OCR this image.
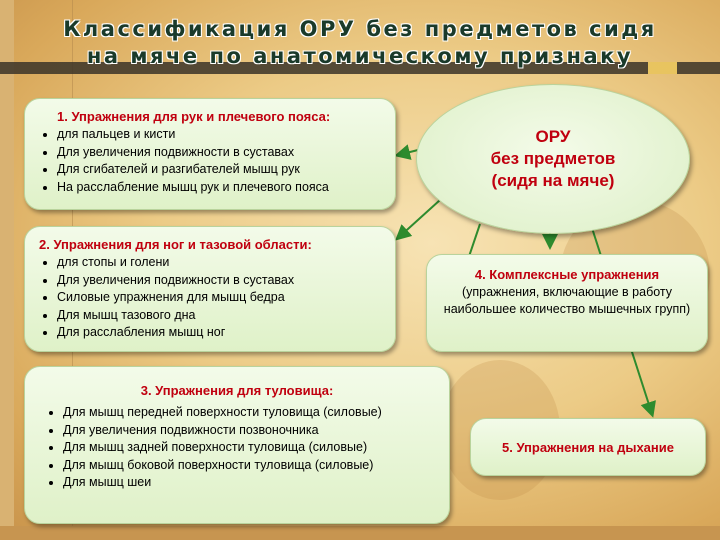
Классификация ОРУ без предметов сидя
на мяче по анатомическому признаку
ОРУ
без предметов
(сидя на мяче)
1. Упражнения для рук и плечевого пояса:
• для пальцев и кисти
• Для увеличения подвижности в суставах
• Для сгибателей и разгибателей мышц рук
• На расслабление мышц рук и плечевого пояса
2. Упражнения для ног и тазовой области:
• для стопы и голени
• Для увеличения подвижности в суставах
• Силовые упражнения для мышц бедра
• Для мышц тазового дна
• Для расслабления мышц ног
3. Упражнения для туловища:
• Для мышц передней поверхности туловища (силовые)
• Для увеличения подвижности позвоночника
• Для мышц задней поверхности туловища (силовые)
• Для мышц боковой поверхности туловища (силовые)
• Для мышц шеи
4. Комплексные упражнения
(упражнения, включающие в работу наибольшее количество мышечных групп)
5. Упражнения на дыхание
